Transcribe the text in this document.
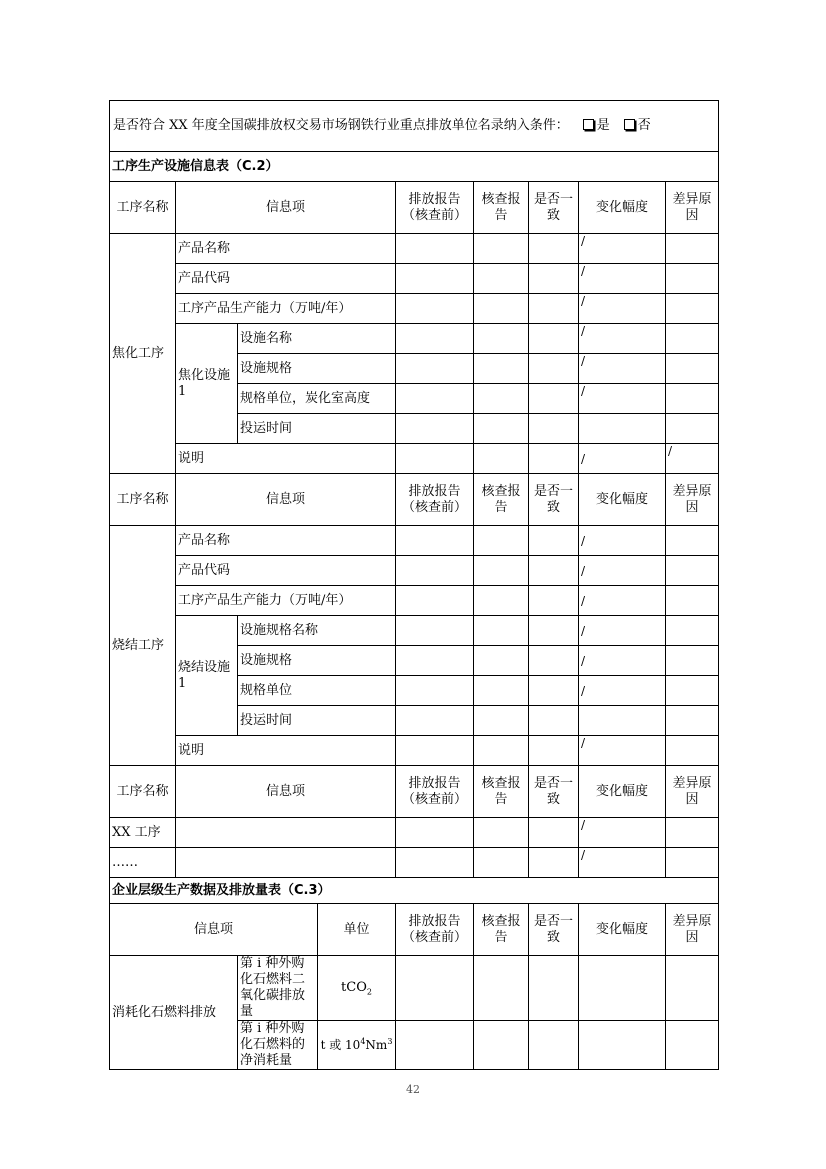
是否符合 XX 年度全国碳排放权交易市场钢铁行业重点排放单位名录纳入条件： 是 否								
工序生产设施信息表（C.2）								
工序名称	信息项			排放报告（核查前）	核查报告	是否一致	变化幅度	差异原因
焦化工序	产品名称						/	

	产品代码						/	

	工序产品生产能力（万吨/年）						/	

	焦化设施 1	设施名称					/	

		设施规格					/	

		规格单位，炭化室高度					/	

		投运时间						
	说明						/	/

工序名称	信息项			排放报告（核查前）	核查报告	是否一致	变化幅度	差异原因
烧结工序	产品名称						/	

	产品代码						/	

	工序产品生产能力（万吨/年）						/	

	烧结设施 1	设施规格名称					/	

		设施规格					/	

		规格单位					/	

		投运时间						
	说明						/	

工序名称	信息项			排放报告（核查前）	核查报告	是否一致	变化幅度	差异原因
XX 工序							/	

……							/	

企业层级生产数据及排放量表（C.3）								
信息项			单位	排放报告（核查前）	核查报告	是否一致	变化幅度	差异原因
消耗化石燃料排放		第 i 种外购化石燃料二氧化碳排放量	tCO$_2$					
		第 i 种外购化石燃料的净消耗量	t 或 $10^4Nm^3$					
42
